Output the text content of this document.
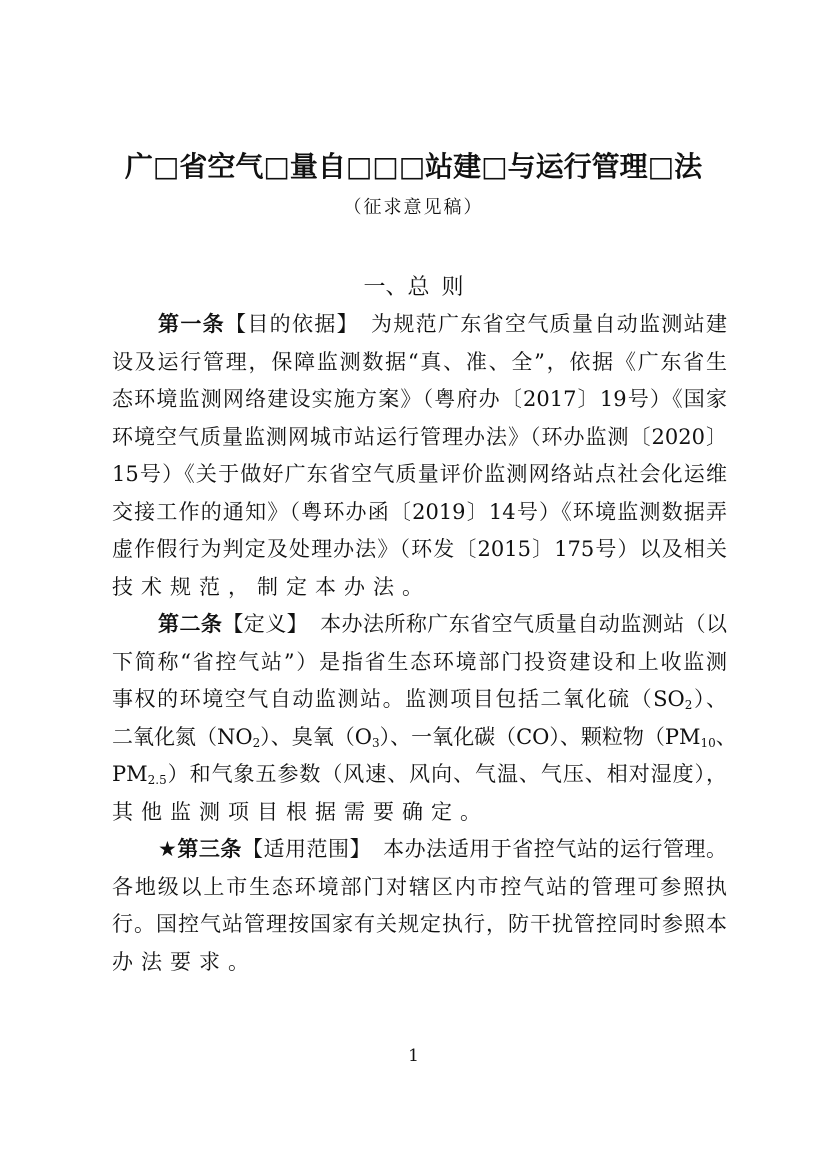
广□省空气□量自□□□站建□与运行管理□法
（征求意见稿）
一、总 则
第一条【目的依据】 为规范广东省空气质量自动监测站建
设及运行管理，保障监测数据“真、准、全”，依据《广东省生
态环境监测网络建设实施方案》（粤府办〔2017〕19号）《国家
环境空气质量监测网城市站运行管理办法》（环办监测〔2020〕
15号）《关于做好广东省空气质量评价监测网络站点社会化运维
交接工作的通知》（粤环办函〔2019〕14号）《环境监测数据弄
虚作假行为判定及处理办法》（环发〔2015〕175号）以及相关
技术规范，制定本办法。
第二条【定义】 本办法所称广东省空气质量自动监测站（以
下简称“省控气站”）是指省生态环境部门投资建设和上收监测
事权的环境空气自动监测站。监测项目包括二氧化硫$(SO_2)$、
二氧化氮$(NO_2)$、臭氧$(O_3)$、一氧化碳（CO）、颗粒物（$PM_{10}$、
$PM_{2.5}$）和气象五参数（风速、风向、气温、气压、相对湿度），
其他监测项目根据需要确定。
★第三条【适用范围】 本办法适用于省控气站的运行管理。
各地级以上市生态环境部门对辖区内市控气站的管理可参照执
行。国控气站管理按国家有关规定执行，防干扰管控同时参照本
办法要求。
1
